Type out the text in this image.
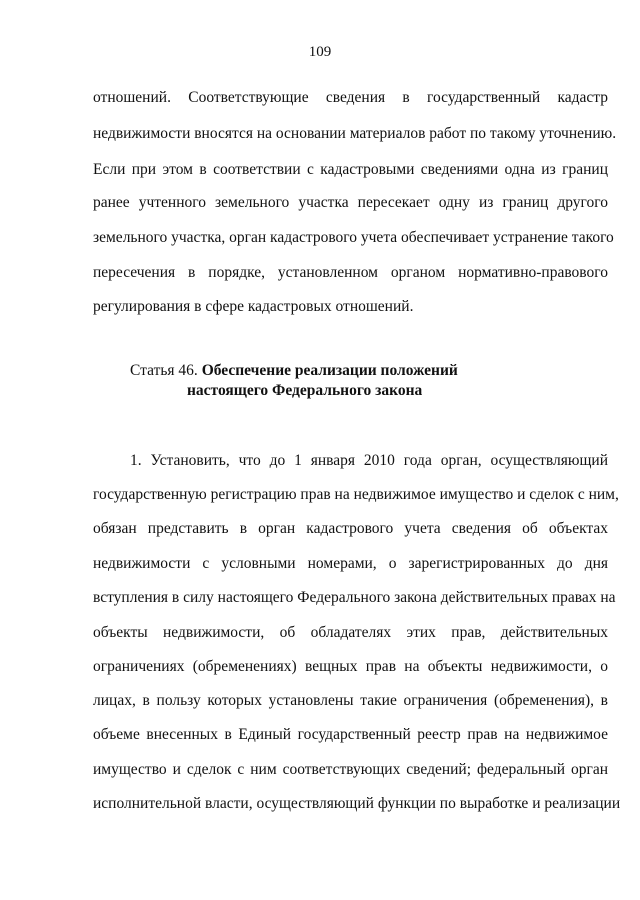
109
отношений. Соответствующие сведения в государственный кадастр
недвижимости вносятся на основании материалов работ по такому уточнению.
Если при этом в соответствии с кадастровыми сведениями одна из границ
ранее учтенного земельного участка пересекает одну из границ другого
земельного участка, орган кадастрового учета обеспечивает устранение такого
пересечения в порядке, установленном органом нормативно-правового
регулирования в сфере кадастровых отношений.
Статья 46. Обеспечение реализации положений
настоящего Федерального закона
1. Установить, что до 1 января 2010 года орган, осуществляющий
государственную регистрацию прав на недвижимое имущество и сделок с ним,
обязан представить в орган кадастрового учета сведения об объектах
недвижимости с условными номерами, о зарегистрированных до дня
вступления в силу настоящего Федерального закона действительных правах на
объекты недвижимости, об обладателях этих прав, действительных
ограничениях (обременениях) вещных прав на объекты недвижимости, о
лицах, в пользу которых установлены такие ограничения (обременения), в
объеме внесенных в Единый государственный реестр прав на недвижимое
имущество и сделок с ним соответствующих сведений; федеральный орган
исполнительной власти, осуществляющий функции по выработке и реализации
